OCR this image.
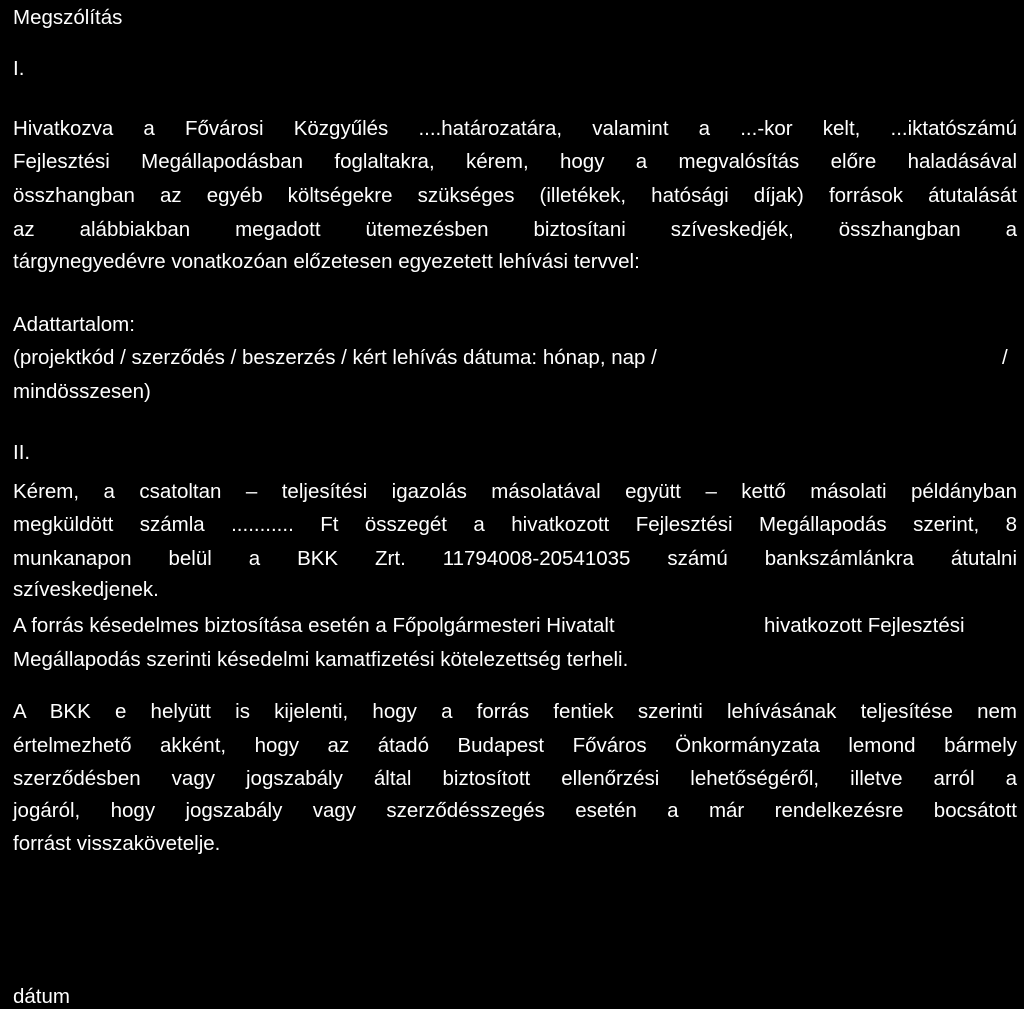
Megszólítás
I.
Hivatkozva a Fővárosi Közgyűlés ....határozatára, valamint a ...-kor kelt, ...iktatószámú
Fejlesztési Megállapodásban foglaltakra, kérem, hogy a megvalósítás előre haladásával
összhangban az egyéb költségekre szükséges (illetékek, hatósági díjak) források átutalását
az alábbiakban megadott ütemezésben biztosítani szíveskedjék, összhangban a
tárgynegyedévre vonatkozóan előzetesen egyezetett lehívási tervvel:
Adattartalom:
(projektkód / szerződés / beszerzés / kért lehívás dátuma: hónap, nap /	/
mindösszesen)
II.
Kérem, a csatoltan – teljesítési igazolás másolatával együtt – kettő másolati példányban
megküldött számla ........... Ft összegét a hivatkozott Fejlesztési Megállapodás szerint, 8
munkanapon belül a BKK Zrt. 11794008-20541035 számú bankszámlánkra átutalni
szíveskedjenek.
A forrás késedelmes biztosítása esetén a Főpolgármesteri Hivatalt	hivatkozott Fejlesztési
Megállapodás szerinti késedelmi kamatfizetési kötelezettség terheli.
A BKK e helyütt is kijelenti, hogy a forrás fentiek szerinti lehívásának teljesítése nem
értelmezhető akként, hogy az átadó Budapest Főváros Önkormányzata lemond bármely
szerződésben vagy jogszabály által biztosított ellenőrzési lehetőségéről, illetve arról a
jogáról, hogy jogszabály vagy szerződésszegés esetén a már rendelkezésre bocsátott
forrást visszakövetelje.
dátum
